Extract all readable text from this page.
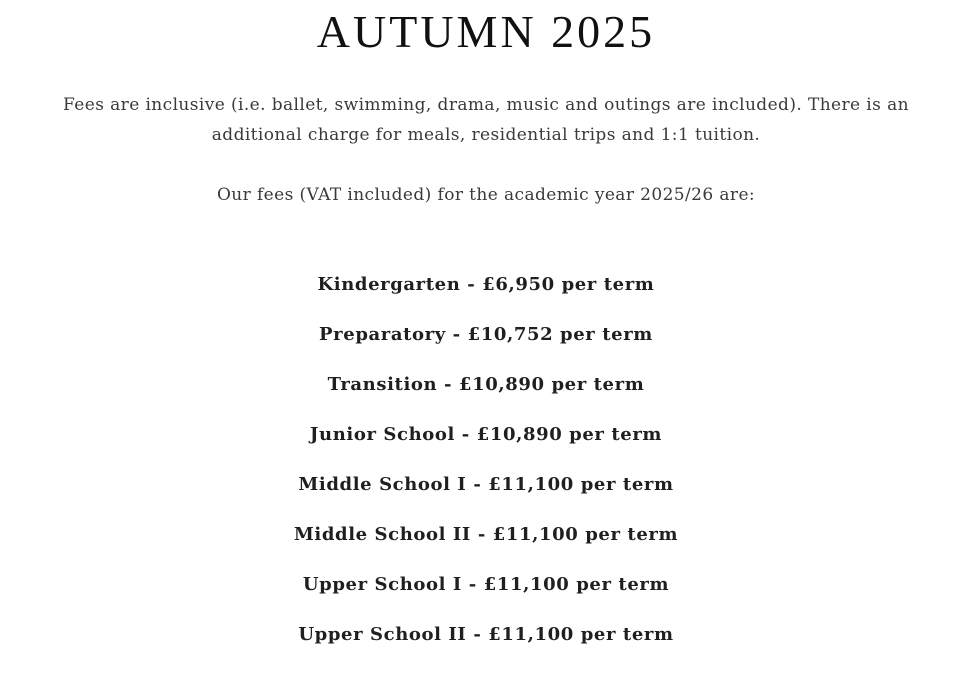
AUTUMN 2025

Fees are inclusive (i.e. ballet, swimming, drama, music and outings are included). There is an additional charge for meals, residential trips and 1:1 tuition.

Our fees (VAT included) for the academic year 2025/26 are:

Kindergarten - £6,950 per term
Preparatory - £10,752 per term
Transition - £10,890 per term
Junior School - £10,890 per term
Middle School I - £11,100 per term
Middle School II - £11,100 per term
Upper School I - £11,100 per term
Upper School II - £11,100 per term
